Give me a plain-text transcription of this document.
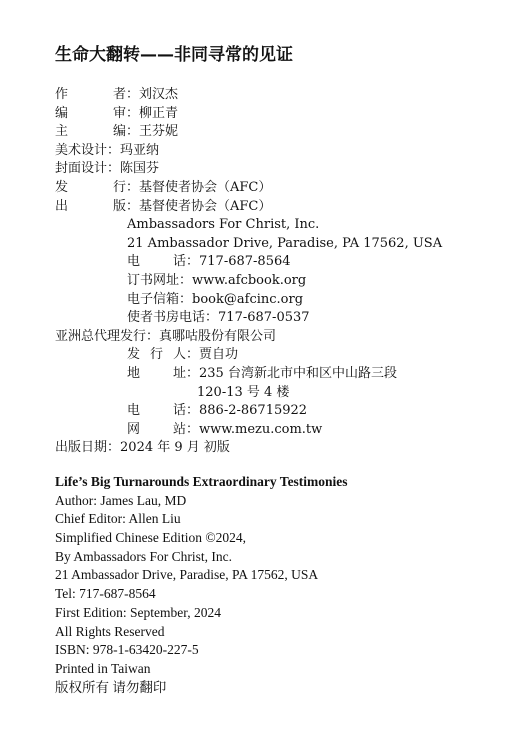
生命大翻转——非同寻常的见证
作者 ： 刘汉杰
编审 ： 柳正青
主编 ： 王芬妮
美术设计 ： 玛亚纳
封面设计 ： 陈国芬
发行 ： 基督使者协会（AFC）
出版 ： 基督使者协会（AFC）
Ambassadors For Christ, Inc.
21 Ambassador Drive, Paradise, PA 17562, USA
电话 ： 717-687-8564
订书网址 ： www.afcbook.org
电子信箱 ： book@afcinc.org
使者书房电话 ： 717-687-0537
亚洲总代理发行 ： 真哪咕股份有限公司
发行人 ： 贾自功
地址 ： 235 台湾新北市中和区中山路三段
120-13 号 4 楼
电话 ： 886-2-86715922
网站 ： www.mezu.com.tw
出版日期 ： 2024 年 9 月 初版
Life’s Big Turnarounds Extraordinary Testimonies
Author: James Lau, MD
Chief Editor: Allen Liu
Simplified Chinese Edition ©2024,
By Ambassadors For Christ, Inc.
21 Ambassador Drive, Paradise, PA 17562, USA
Tel: 717-687-8564
First Edition: September, 2024
All Rights Reserved
ISBN: 978-1-63420-227-5
Printed in Taiwan
版权所有 请勿翻印
